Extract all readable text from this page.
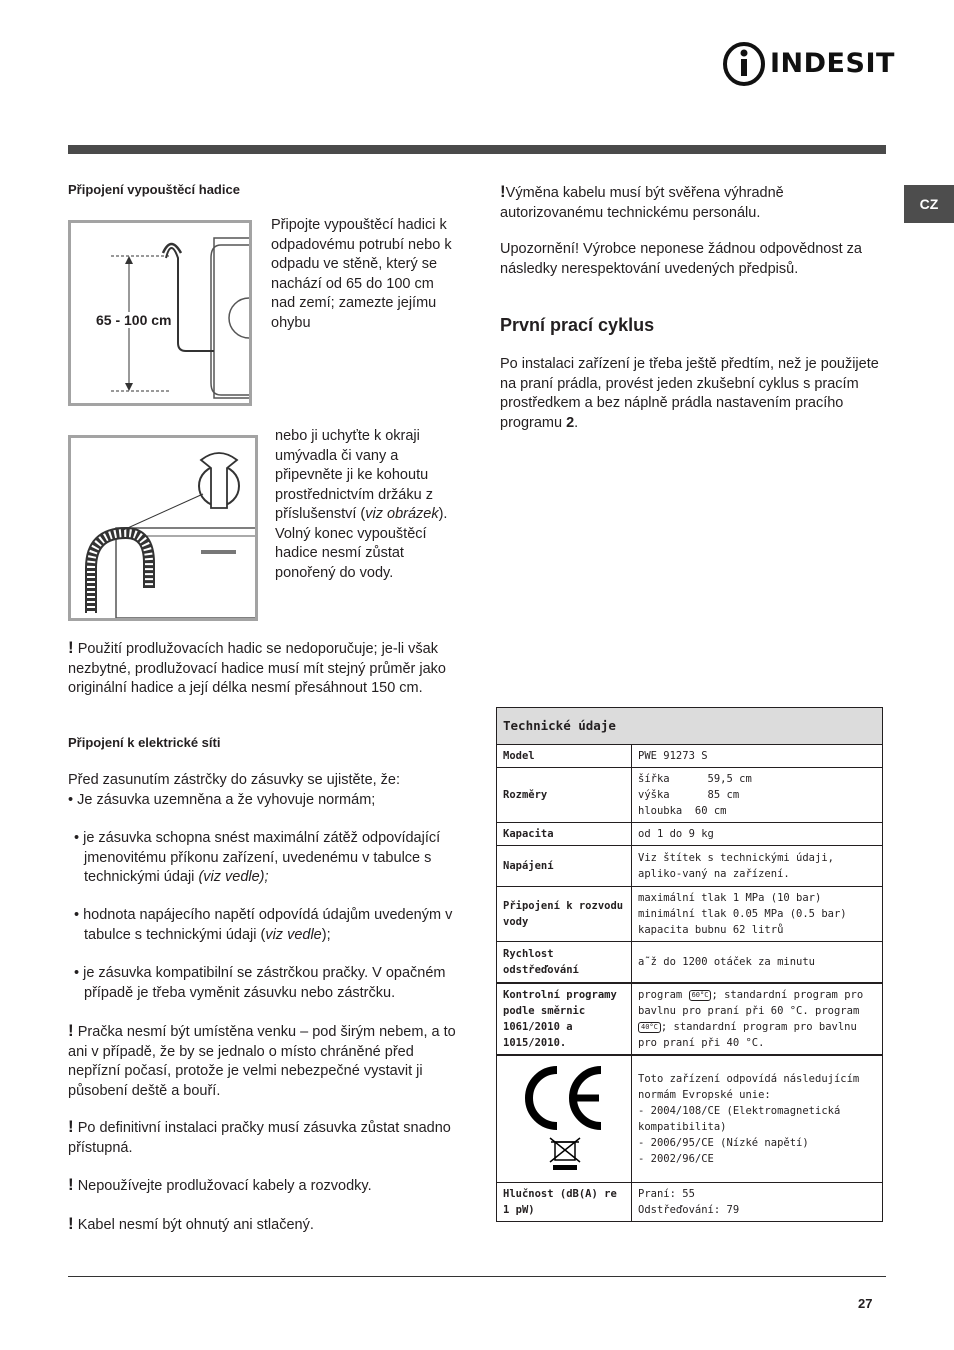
INDESIT
CZ
Připojení vypouštěcí hadice
65 - 100 cm
Připojte vypouštěcí hadici k odpadovému potrubí nebo k odpadu ve stěně, který se nachází od 65 do 100 cm nad zemí; zamezte jejímu ohybu
nebo ji uchyťte k okraji umývadla či vany a připevněte ji ke kohoutu prostřednictvím držáku z příslušenství (viz obrázek). Volný konec vypouštěcí hadice nesmí zůstat ponořený do vody.
! Použití prodlužovacích hadic se nedoporučuje; je-li však nezbytné, prodlužovací hadice musí mít stejný průměr jako originální hadice a její délka nesmí přesáhnout 150 cm.
Připojení k elektrické síti
Před zasunutím zástrčky do zásuvky se ujistěte, že:
• Je zásuvka uzemněna a že vyhovuje normám;
• je zásuvka schopna snést maximální zátěž odpovídající jmenovitému příkonu zařízení, uvedenému v tabulce s technickými údaji (viz vedle);
• hodnota napájecího napětí odpovídá údajům uvedeným v tabulce s technickými údaji (viz vedle);
• je zásuvka kompatibilní se zástrčkou pračky. V opačném případě je třeba vyměnit zásuvku nebo zástrčku.
! Pračka nesmí být umístěna venku – pod širým nebem, a to ani v případě, že by se jednalo o místo chráněné před nepřízní počasí, protože je velmi nebezpečné vystavit ji působení deště a bouří.
! Po definitivní instalaci pračky musí zásuvka zůstat snadno přístupná.
! Nepoužívejte prodlužovací kabely a rozvodky.
! Kabel nesmí být ohnutý ani stlačený.
!Výměna kabelu musí být svěřena výhradně autorizovanému technickému personálu.
Upozornění! Výrobce neponese žádnou odpovědnost za následky nerespektování uvedených předpisů.
První prací cyklus
Po instalaci zařízení je třeba ještě předtím, než je použijete na praní prádla, provést jeden zkušební cyklus s pracím prostředkem a bez náplně prádla nastavením pracího programu 2.
Technické údaje	
Model	PWE 91273 S
Rozměry	šířka      59,5 cm
výška      85 cm
hloubka  60 cm

Kapacita	od 1 do 9 kg
Napájení	Viz štítek s technickými údaji, apliko-vaný na zařízení.
Připojení k rozvodu vody	maximální tlak 1 MPa (10 bar)
minimální tlak 0.05 MPa (0.5 bar)
kapacita bubnu 62 litrů

Rychlost odstřeďování	a˜ž do 1200 otáček za minutu
Kontrolní programy podle směrnic 1061/2010 a 1015/2010.	program 60°C ; standardní program pro bavlnu pro praní při 60 °C. program 40°C ; standardní program pro bavlnu pro praní při 40 °C.
	Toto zařízení odpovídá následujícím normám Evropské unie:
- 2004/108/CE (Elektromagnetická kompatibilita)
- 2006/95/CE (Nízké napětí)
- 2002/96/CE
Hlučnost (dB(A) re 1 pW)	Praní: 55
Odstřeďování: 79
27
